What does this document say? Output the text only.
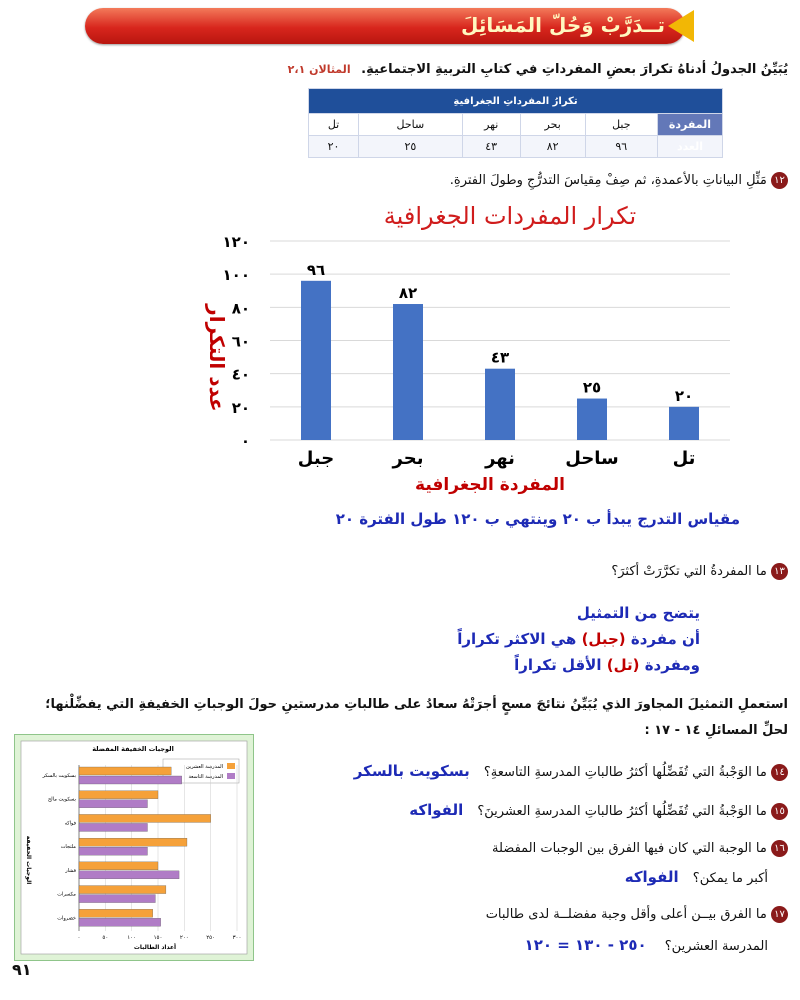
تــدَرَّبْ وَحُلّ المَسَائِلَ
يُبَيِّنُ الجدولُ أدناهُ تكرارَ بعضِ المفرداتِ في كتابِ التربيةِ الاجتماعيةِ. المثالان ٢،١
تكرارُ المفرداتِ الجغرافيةِ					
المفردة	جبل	بحر	نهر	ساحل	تل
العدد	٩٦	٨٢	٤٣	٢٥	٢٠
١٢ مَثِّلِ البياناتِ بالأعمدةِ، ثم صِفْ مِقياسَ التدرُّجِ وطولَ الفترةِ.
تكرار المفردات الجغرافية
٠
٢٠
٤٠
٦٠
٨٠
١٠٠
١٢٠
٩٦
٨٢
٤٣
٢٥	٢٠
جبل	بحر	نهر	ساحل	تل
المفردة الجغرافية
عدد التكرار
مقياس التدرج يبدأ ب ٢٠ وينتهي ب ١٢٠ طول الفترة ٢٠
١٣ ما المفردةُ التي تكرَّرَتْ أكثرَ؟
يتضح من التمثيل
أن مفردة (جبل) هي الاكثر تكراراً
ومفردة (تل) الأقل تكراراً
استعملِ التمثيلَ المجاورَ الذي يُبَيِّنُ نتائجَ مسحٍ أجرَتْهُ سعادُ على طالباتِ مدرستينِ حولَ الوجباتِ الخفيفةِ التي يفضِّلْنها؛ لحلِّ المسائلِ ١٤ - ١٧ :
الوجبات الخفيفة المفضلة
المدرسة العشرين
المدرسة التاسعة
بسكويت بالسكر
بسكويت مالح
فواكه
ملتجات
فشار
مكسرات
خضروات
٠	٥٠	١٠٠	١٥٠	٢٠٠	٢٥٠	٣٠٠
أعداد الطالبات
الوجبات الخفيفة
١٤ ما الوَجْبةُ التي تُفَضِّلُها أكثرُ طالباتِ المدرسةِ التاسعةِ؟ بسكويت بالسكر
١٥ ما الوَجْبةُ التي تُفَضِّلُها أكثرُ طالباتِ المدرسةِ العشرينَ؟ الفواكه
١٦ ما الوجبة التي كان فيها الفرق بين الوجبات المفضلة
أكبر ما يمكن؟ الفواكه
١٧ ما الفرق بيــن أعلى وأقل وجبة مفضلــة لدى طالبات
المدرسة العشرين؟ ٢٥٠ - ١٣٠ = ١٢٠
٩١
